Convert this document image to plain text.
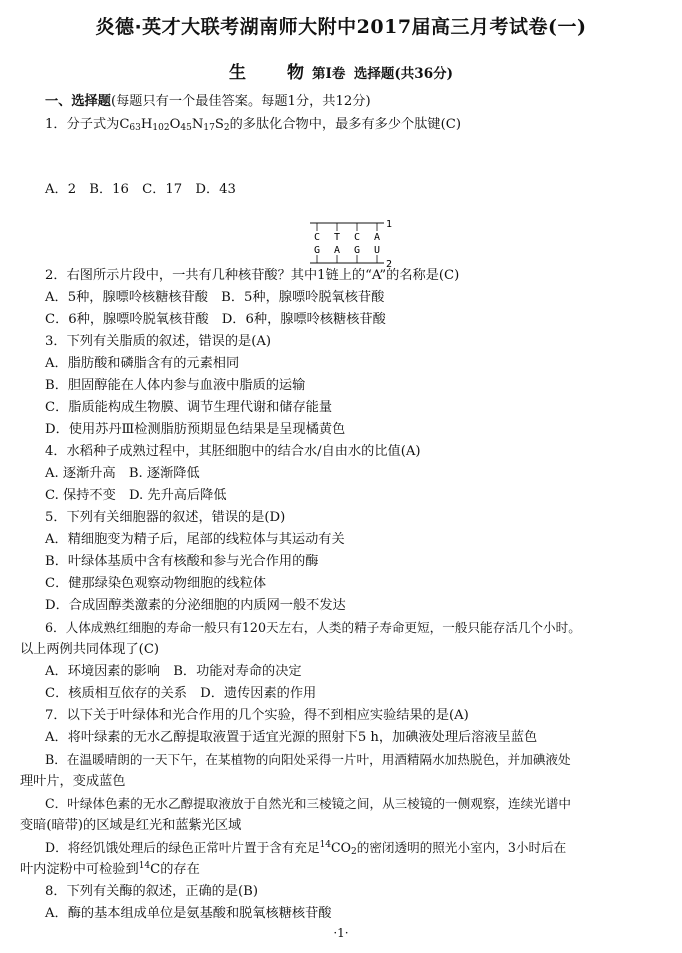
炎德·英才大联考湖南师大附中2017届高三月考试卷(一)
生　物第Ⅰ卷 选择题(共36分)
一、选择题(每题只有一个最佳答案。每题1分，共12分)
1．分子式为$C_{63}H_{102}O_{45}N_{17}S_2$的多肽化合物中，最多有多少个肽键(C)
A．2　B．16　C．17　D．43
C T C A
G A G U
1
2
2．右图所示片段中，一共有几种核苷酸？其中1链上的“A”的名称是(C)
A．5种，腺嘌呤核糖核苷酸　B．5种，腺嘌呤脱氧核苷酸
C．6种，腺嘌呤脱氧核苷酸　D．6种，腺嘌呤核糖核苷酸
3．下列有关脂质的叙述，错误的是(A)
A．脂肪酸和磷脂含有的元素相同
B．胆固醇能在人体内参与血液中脂质的运输
C．脂质能构成生物膜、调节生理代谢和储存能量
D．使用苏丹Ⅲ检测脂肪预期显色结果是呈现橘黄色
4．水稻种子成熟过程中，其胚细胞中的结合水/自由水的比值(A)
A. 逐渐升高　B. 逐渐降低
C. 保持不变　D. 先升高后降低
5．下列有关细胞器的叙述，错误的是(D)
A．精细胞变为精子后，尾部的线粒体与其运动有关
B．叶绿体基质中含有核酸和参与光合作用的酶
C．健那绿染色观察动物细胞的线粒体
D．合成固醇类激素的分泌细胞的内质网一般不发达
6．人体成熟红细胞的寿命一般只有120天左右，人类的精子寿命更短，一般只能存活几个小时。
以上两例共同体现了(C)
A．环境因素的影响　B．功能对寿命的决定
C．核质相互依存的关系　D．遗传因素的作用
7．以下关于叶绿体和光合作用的几个实验，得不到相应实验结果的是(A)
A．将叶绿素的无水乙醇提取液置于适宜光源的照射下5 h，加碘液处理后溶液呈蓝色
B．在温暖晴朗的一天下午，在某植物的向阳处采得一片叶，用酒精隔水加热脱色，并加碘液处
理叶片，变成蓝色
C．叶绿体色素的无水乙醇提取液放于自然光和三棱镜之间，从三棱镜的一侧观察，连续光谱中
变暗(暗带)的区域是红光和蓝紫光区域
D．将经饥饿处理后的绿色正常叶片置于含有充足$^{14}CO_2$的密闭透明的照光小室内，3小时后在
叶内淀粉中可检验到$^{14}$C的存在
8．下列有关酶的叙述，正确的是(B)
A．酶的基本组成单位是氨基酸和脱氧核糖核苷酸
·1·
